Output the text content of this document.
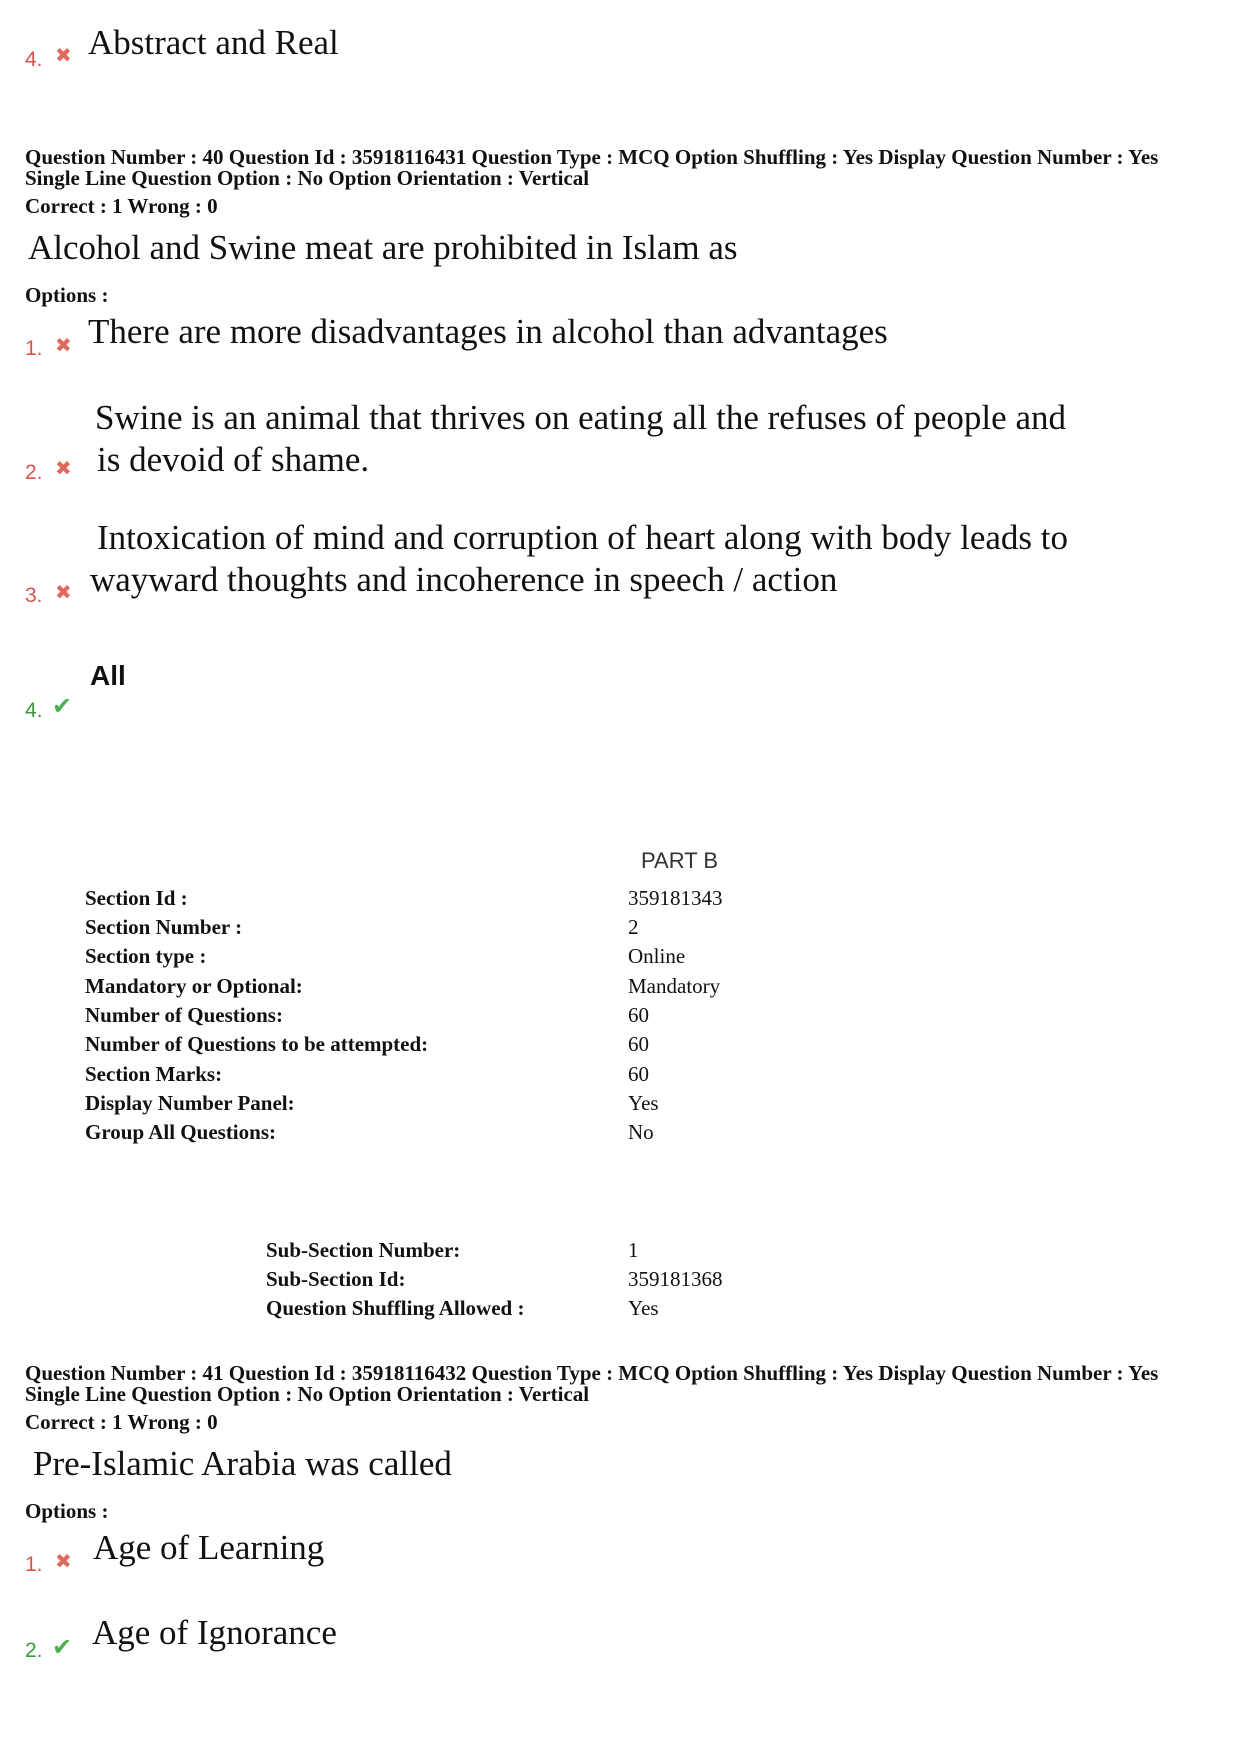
4. ✖ Abstract and Real
Question Number : 40 Question Id : 35918116431 Question Type : MCQ Option Shuffling : Yes Display Question Number : Yes
Single Line Question Option : No Option Orientation : Vertical
Correct : 1 Wrong : 0
Alcohol and Swine meat are prohibited in Islam as
Options :
1. ✖ There are more disadvantages in alcohol than advantages
2. ✖
Swine is an animal that thrives on eating all the refuses of people and
is devoid of shame.
3. ✖
Intoxication of mind and corruption of heart along with body leads to
wayward thoughts and incoherence in speech / action
4. ✔
All
PART B
Section Id :	359181343
Section Number :	2
Section type :	Online
Mandatory or Optional:	Mandatory
Number of Questions:	60
Number of Questions to be attempted:	60
Section Marks:	60
Display Number Panel:	Yes
Group All Questions:	No
Sub-Section Number:	1
Sub-Section Id:	359181368
Question Shuffling Allowed :	Yes
Question Number : 41 Question Id : 35918116432 Question Type : MCQ Option Shuffling : Yes Display Question Number : Yes
Single Line Question Option : No Option Orientation : Vertical
Correct : 1 Wrong : 0
Pre-Islamic Arabia was called
Options :
1. ✖ Age of Learning
2. ✔ Age of Ignorance
